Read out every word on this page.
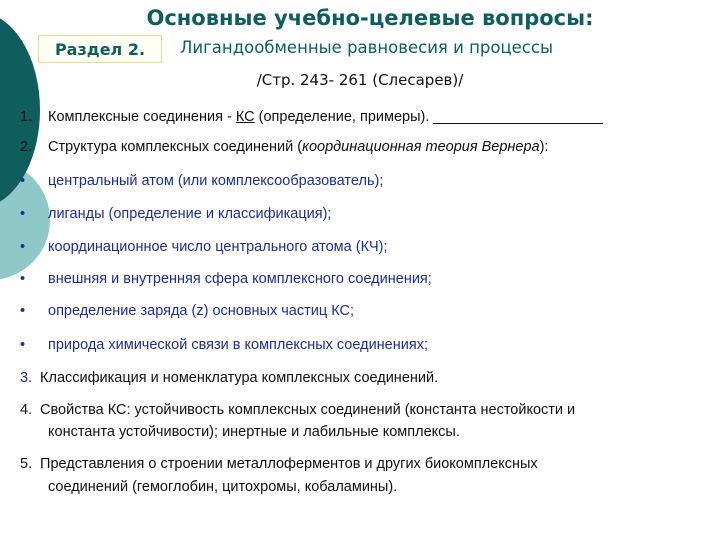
Основные учебно-целевые вопросы:
Раздел 2.	Лигандообменные равновесия и процессы
/Стр. 243- 261 (Слесарев)/
1. Комплексные соединения - КС (определение, примеры).
2. Структура комплексных соединений (координационная теория Вернера):
• центральный атом (или комплексообразователь);
• лиганды (определение и классификация);
• координационное число центрального атома (КЧ);
• внешняя и внутренняя сфера комплексного соединения;
• определение заряда (z) основных частиц КС;
• природа химической связи в комплексных соединениях;
3. Классификация и номенклатура комплексных соединений.
4. Свойства КС: устойчивость комплексных соединений (константа нестойкости и
константа устойчивости); инертные и лабильные комплексы.
5. Представления о строении металлоферментов и других биокомплексных
соединений (гемоглобин, цитохромы, кобаламины).
